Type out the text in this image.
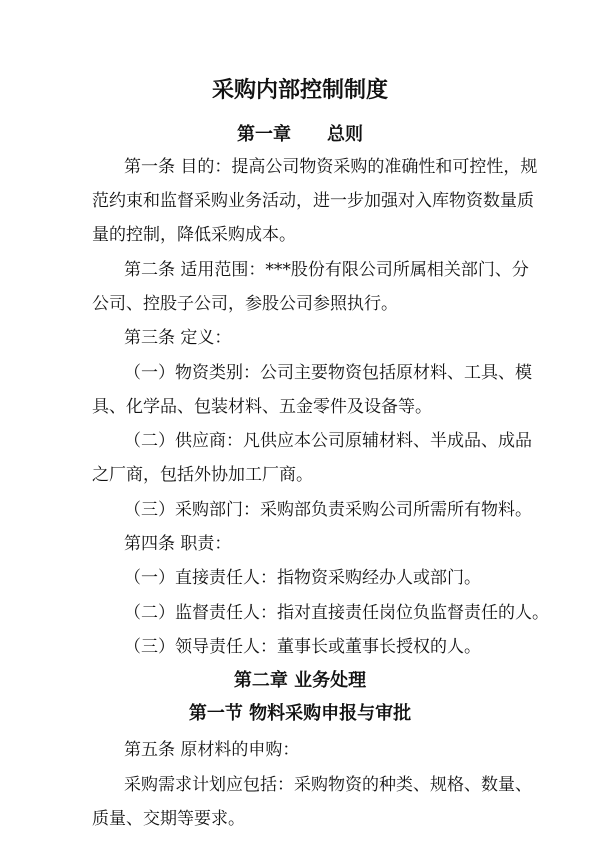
采购内部控制制度
第一章 总则
第一条 目的：提高公司物资采购的准确性和可控性，规
范约束和监督采购业务活动，进一步加强对入库物资数量质
量的控制，降低采购成本。
第二条 适用范围：***股份有限公司所属相关部门、分
公司、控股子公司，参股公司参照执行。
第三条 定义：
（一）物资类别：公司主要物资包括原材料、工具、模
具、化学品、包装材料、五金零件及设备等。
（二）供应商：凡供应本公司原辅材料、半成品、成品
之厂商，包括外协加工厂商。
（三）采购部门：采购部负责采购公司所需所有物料。
第四条 职责：
（一）直接责任人：指物资采购经办人或部门。
（二）监督责任人：指对直接责任岗位负监督责任的人。
（三）领导责任人：董事长或董事长授权的人。
第二章 业务处理
第一节 物料采购申报与审批
第五条 原材料的申购：
采购需求计划应包括：采购物资的种类、规格、数量、
质量、交期等要求。
